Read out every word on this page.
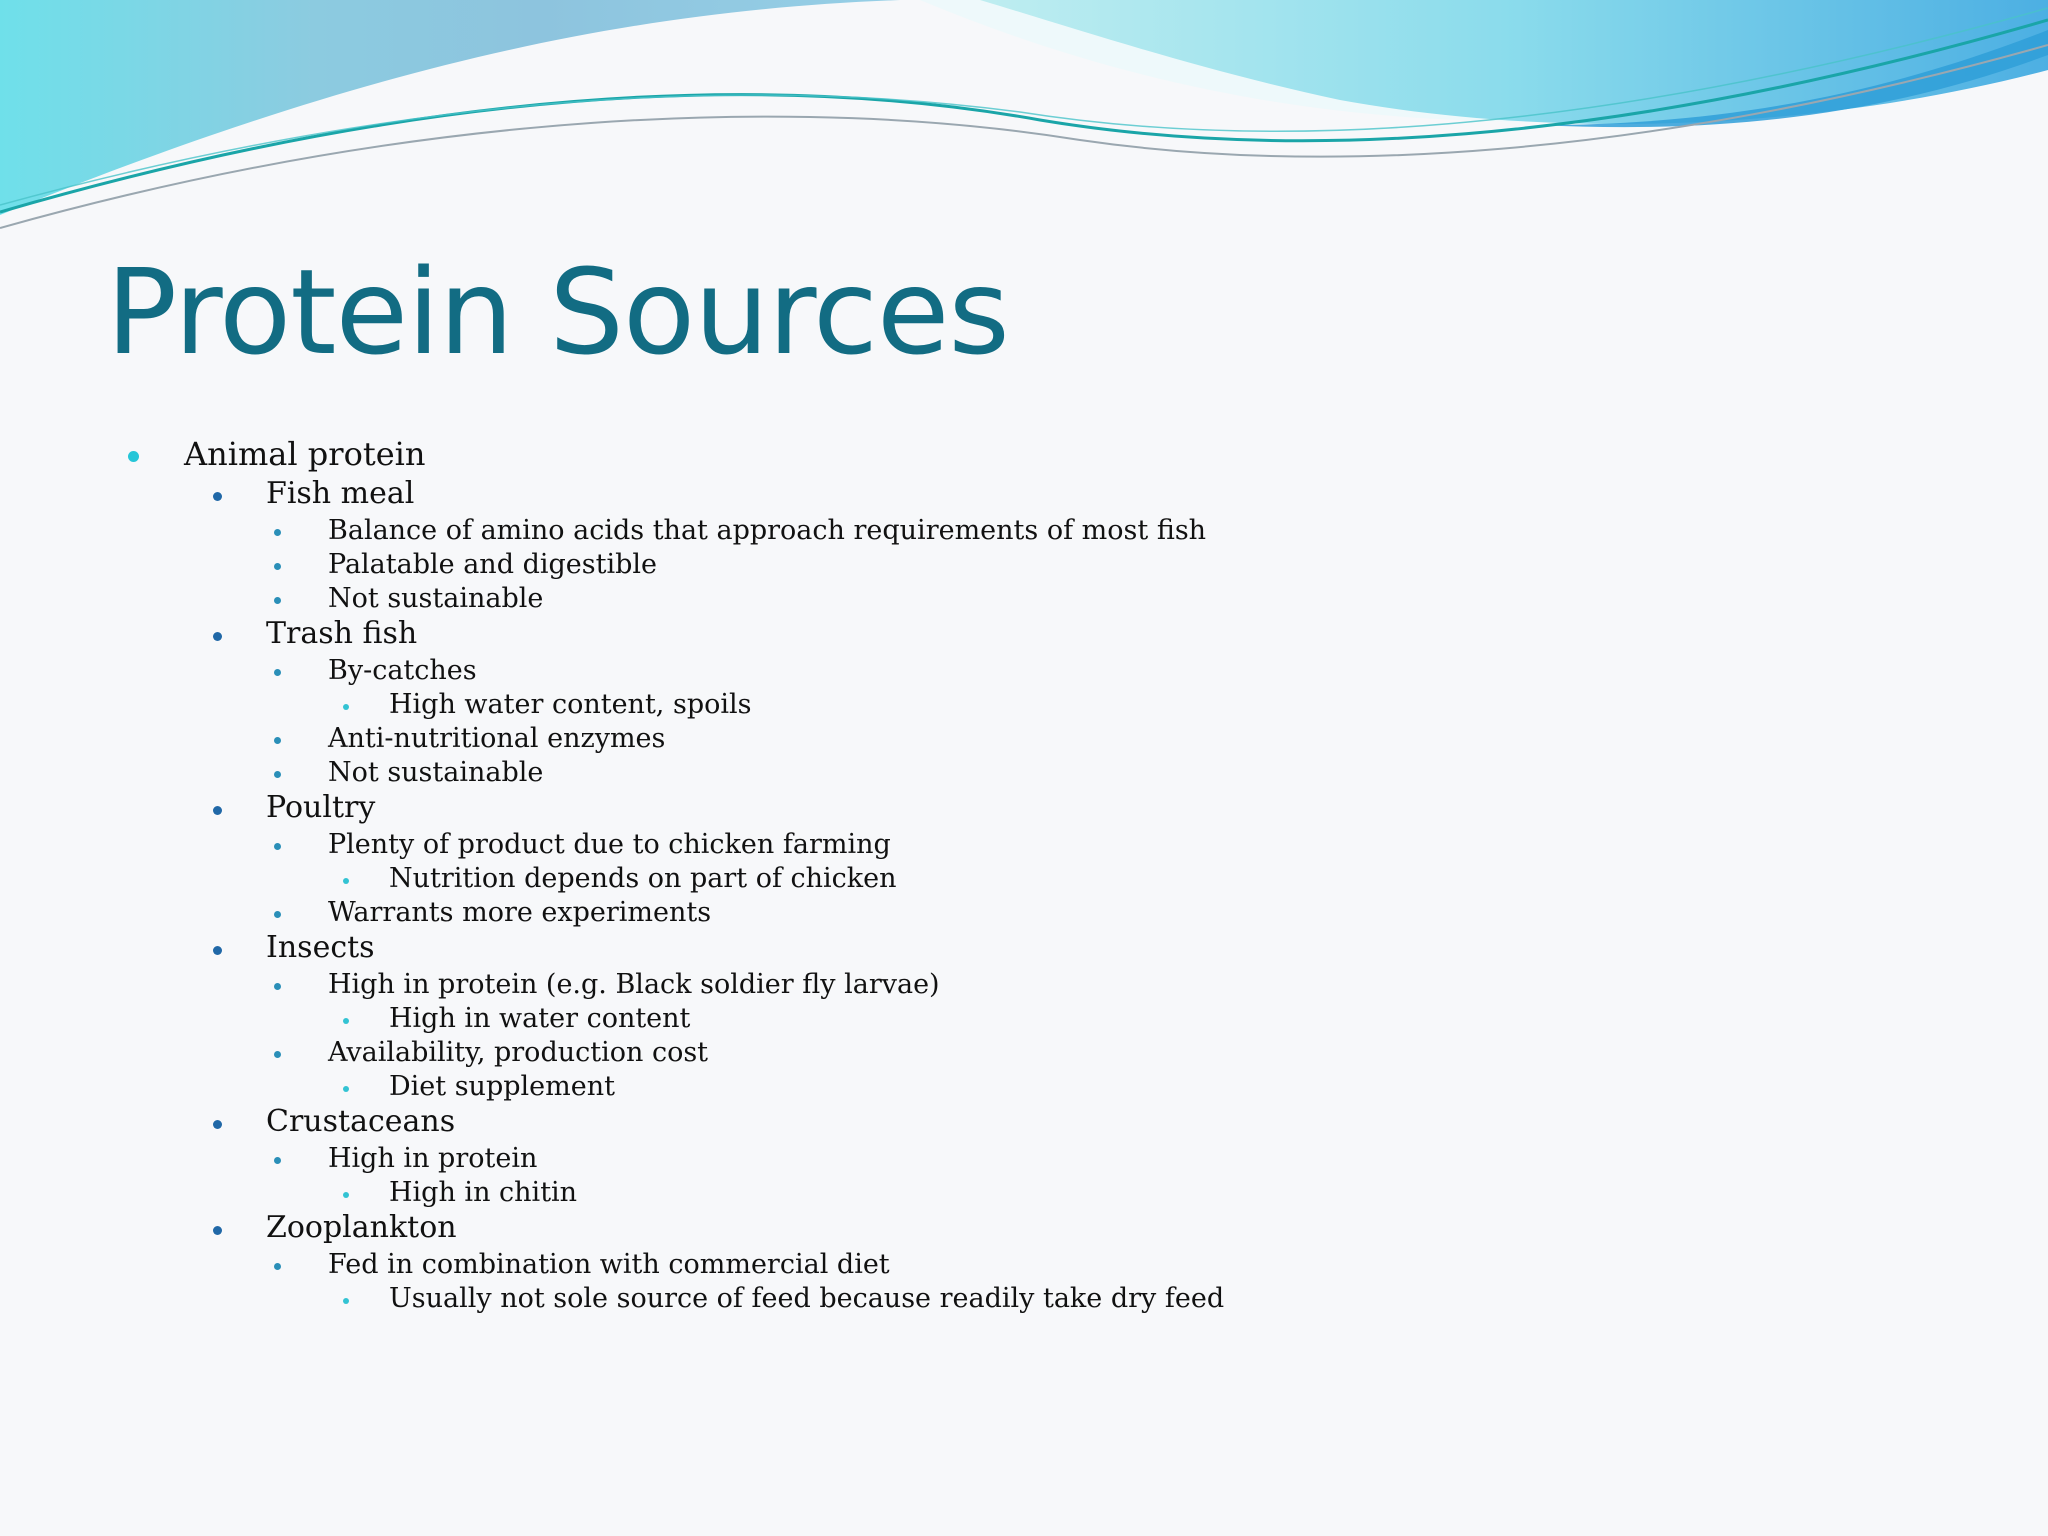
Protein Sources
Animal protein
Fish meal
Balance of amino acids that approach requirements of most fish
Palatable and digestible
Not sustainable
Trash fish
By-catches
High water content, spoils
Anti-nutritional enzymes
Not sustainable
Poultry
Plenty of product due to chicken farming
Nutrition depends on part of chicken
Warrants more experiments
Insects
High in protein (e.g. Black soldier fly larvae)
High in water content
Availability, production cost
Diet supplement
Crustaceans
High in protein
High in chitin
Zooplankton
Fed in combination with commercial diet
Usually not sole source of feed because readily take dry feed
